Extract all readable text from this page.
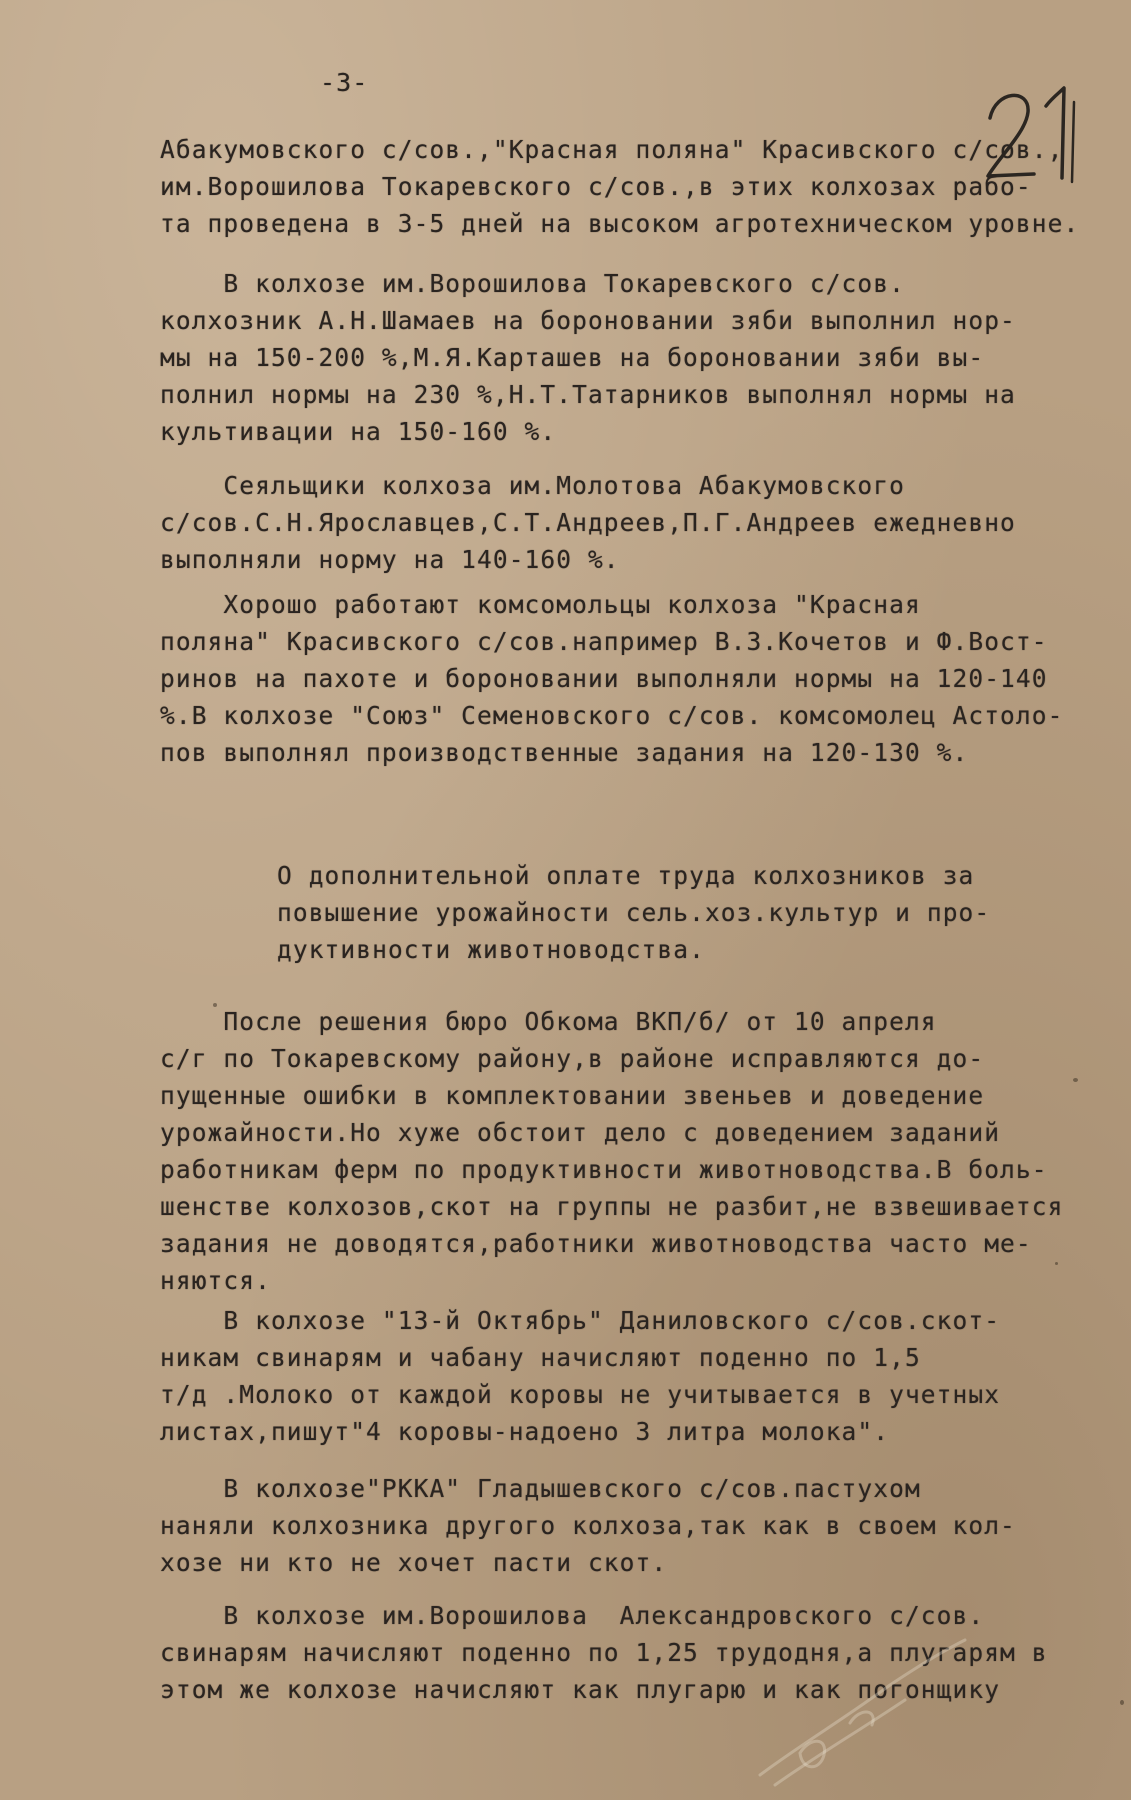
-3-
Абакумовского с/сов.,"Красная поляна" Красивского с/сов.,
им.Ворошилова Токаревского с/сов.,в этих колхозах рабо-
та проведена в 3-5 дней на высоком агротехническом уровне.
В колхозе им.Ворошилова Токаревского с/сов.
колхозник А.Н.Шамаев на бороновании зяби выполнил нор-
мы на 150-200 %,М.Я.Карташев на бороновании зяби вы-
полнил нормы на 230 %,Н.Т.Татарников выполнял нормы на
культивации на 150-160 %.
Сеяльщики колхоза им.Молотова Абакумовского
с/сов.С.Н.Ярославцев,С.Т.Андреев,П.Г.Андреев ежедневно
выполняли норму на 140-160 %.
Хорошо работают комсомольцы колхоза "Красная
поляна" Красивского с/сов.например В.З.Кочетов и Ф.Вост-
ринов на пахоте и бороновании выполняли нормы на 120-140
%.В колхозе "Союз" Семеновского с/сов. комсомолец Астоло-
пов выполнял производственные задания на 120-130 %.
О дополнительной оплате труда колхозников за
повышение урожайности сель.хоз.культур и про-
дуктивности животноводства.
После решения бюро Обкома ВКП/б/ от 10 апреля
с/г по Токаревскому району,в районе исправляются до-
пущенные ошибки в комплектовании звеньев и доведение
урожайности.Но хуже обстоит дело с доведением заданий
работникам ферм по продуктивности животноводства.В боль-
шенстве колхозов,скот на группы не разбит,не взвешивается
задания не доводятся,работники животноводства часто ме-
няются.
В колхозе "13-й Октябрь" Даниловского с/сов.скот-
никам свинарям и чабану начисляют поденно по 1,5
т/д .Молоко от каждой коровы не учитывается в учетных
листах,пишут"4 коровы-надоено 3 литра молока".
В колхозе"РККА" Гладышевского с/сов.пастухом
наняли колхозника другого колхоза,так как в своем кол-
хозе ни кто не хочет пасти скот.
В колхозе им.Ворошилова  Александровского с/сов.
свинарям начисляют поденно по 1,25 трудодня,а плугарям в
этом же колхозе начисляют как плугарю и как погонщику
